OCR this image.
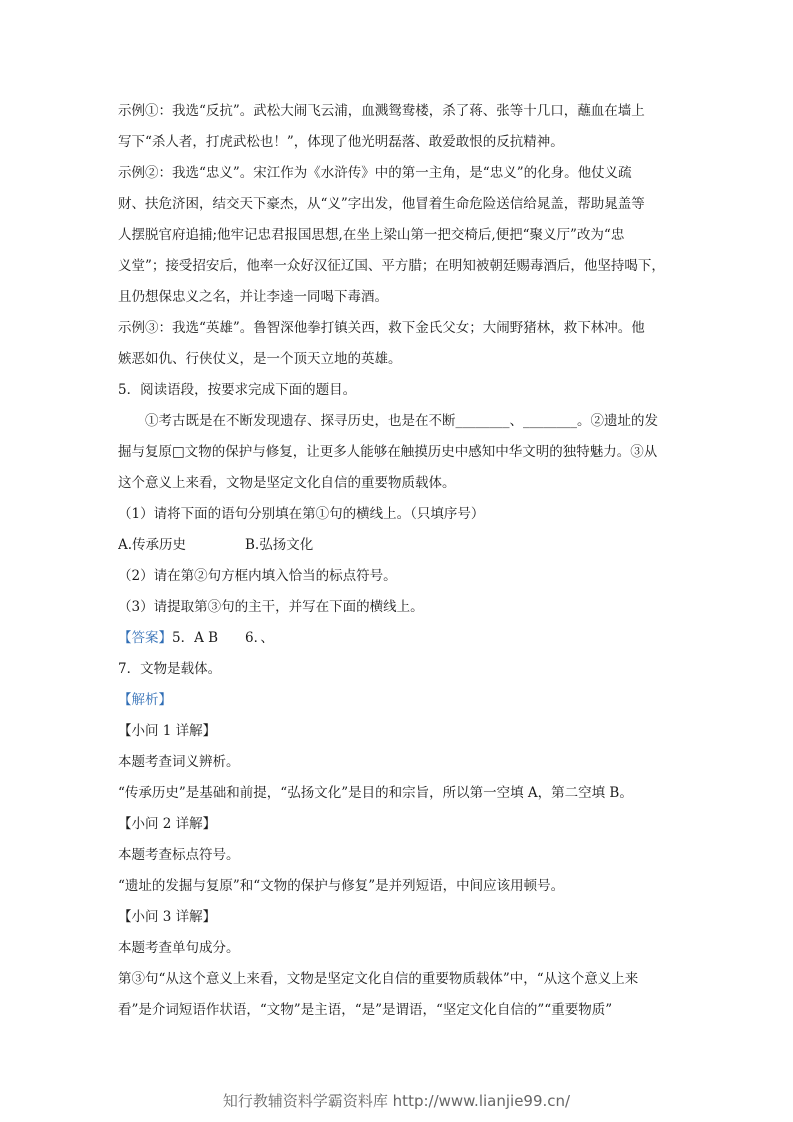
示例①：我选“反抗”。武松大闹飞云浦，血溅鸳鸯楼，杀了蒋、张等十几口，蘸血在墙上
写下“杀人者，打虎武松也！”，体现了他光明磊落、敢爱敢恨的反抗精神。
示例②：我选“忠义”。宋江作为《水浒传》中的第一主角，是“忠义”的化身。他仗义疏
财、扶危济困，结交天下豪杰，从“义”字出发，他冒着生命危险送信给晁盖，帮助晁盖等
人摆脱官府追捕;他牢记忠君报国思想,在坐上梁山第一把交椅后,便把“聚义厅”改为“忠
义堂”；接受招安后，他率一众好汉征辽国、平方腊；在明知被朝廷赐毒酒后，他坚持喝下，
且仍想保忠义之名，并让李逵一同喝下毒酒。
示例③：我选“英雄”。鲁智深他拳打镇关西，救下金氏父女；大闹野猪林，救下林冲。他
嫉恶如仇、行侠仗义，是一个顶天立地的英雄。
5．阅读语段，按要求完成下面的题目。
①考古既是在不断发现遗存、探寻历史，也是在不断________、________。②遗址的发
掘与复原□文物的保护与修复，让更多人能够在触摸历史中感知中华文明的独特魅力。③从
这个意义上来看，文物是坚定文化自信的重要物质载体。
（1）请将下面的语句分别填在第①句的横线上。（只填序号）
A.传承历史	B.弘扬文化
（2）请在第②句方框内填入恰当的标点符号。
（3）请提取第③句的主干，并写在下面的横线上。
【答案】5．A B　　6．、
7．文物是载体。
【解析】
【小问 1 详解】
本题考查词义辨析。
“传承历史”是基础和前提，“弘扬文化”是目的和宗旨，所以第一空填 A，第二空填 B。
【小问 2 详解】
本题考查标点符号。
“遗址的发掘与复原”和“文物的保护与修复”是并列短语，中间应该用顿号。
【小问 3 详解】
本题考查单句成分。
第③句“从这个意义上来看，文物是坚定文化自信的重要物质载体”中，“从这个意义上来
看”是介词短语作状语，“文物”是主语，“是”是谓语，“坚定文化自信的”“重要物质”
知行教辅资料学霸资料库 http://www.lianjie99.cn/
